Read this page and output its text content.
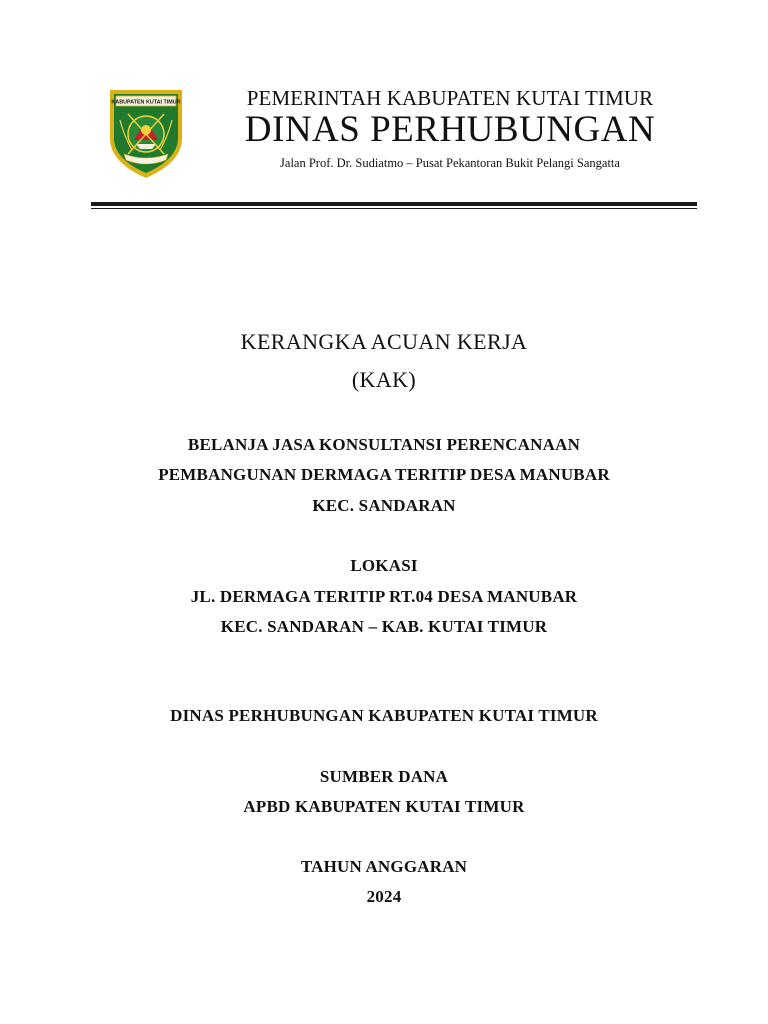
KABUPATEN KUTAI TIMUR	PEMERINTAH KABUPATEN KUTAI TIMUR
DINAS PERHUBUNGAN
Jalan Prof. Dr. Sudiatmo – Pusat Pekantoran Bukit Pelangi Sangatta
KERANGKA ACUAN KERJA
(KAK)
BELANJA JASA KONSULTANSI PERENCANAAN
PEMBANGUNAN DERMAGA TERITIP DESA MANUBAR
KEC. SANDARAN
LOKASI
JL. DERMAGA TERITIP RT.04 DESA MANUBAR
KEC. SANDARAN – KAB. KUTAI TIMUR
DINAS PERHUBUNGAN KABUPATEN KUTAI TIMUR
SUMBER DANA
APBD KABUPATEN KUTAI TIMUR
TAHUN ANGGARAN
2024
